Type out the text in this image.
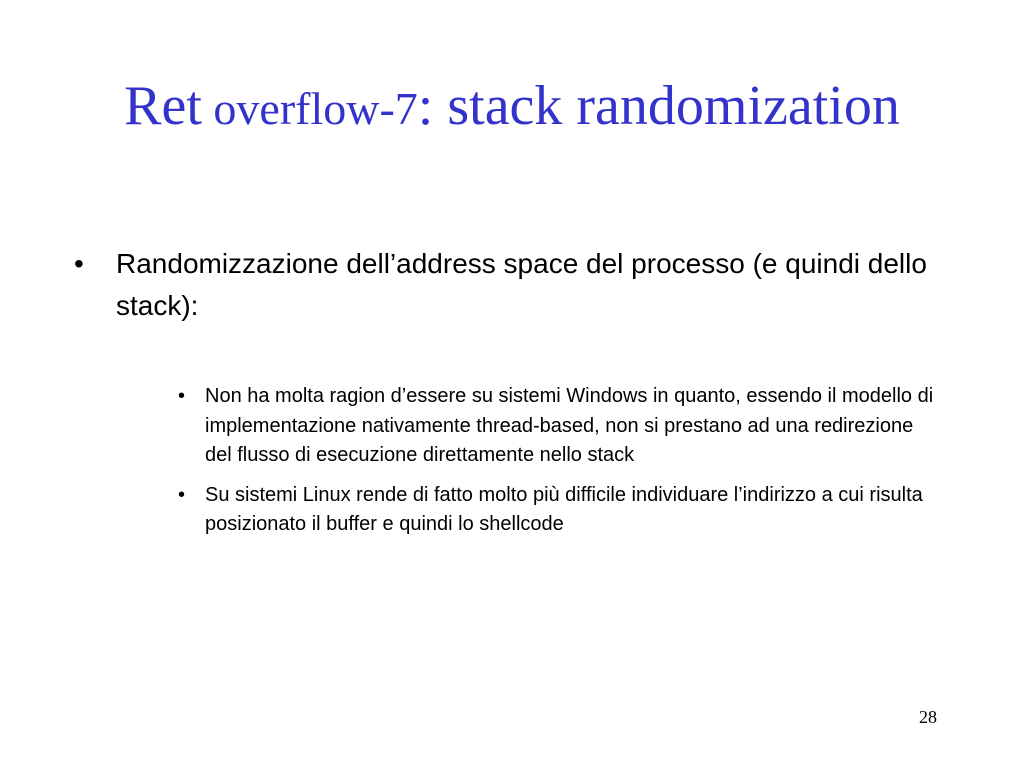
Ret overflow-7: stack randomization
•	Randomizzazione dell’address space del processo (e quindi dello stack):
• Non ha molta ragion d’essere su sistemi Windows in quanto, essendo il modello di implementazione nativamente thread-based, non si prestano ad una redirezione del flusso di esecuzione direttamente nello stack
• Su sistemi Linux rende di fatto molto più difficile individuare l’indirizzo a cui risulta posizionato il buffer e quindi lo shellcode
28
